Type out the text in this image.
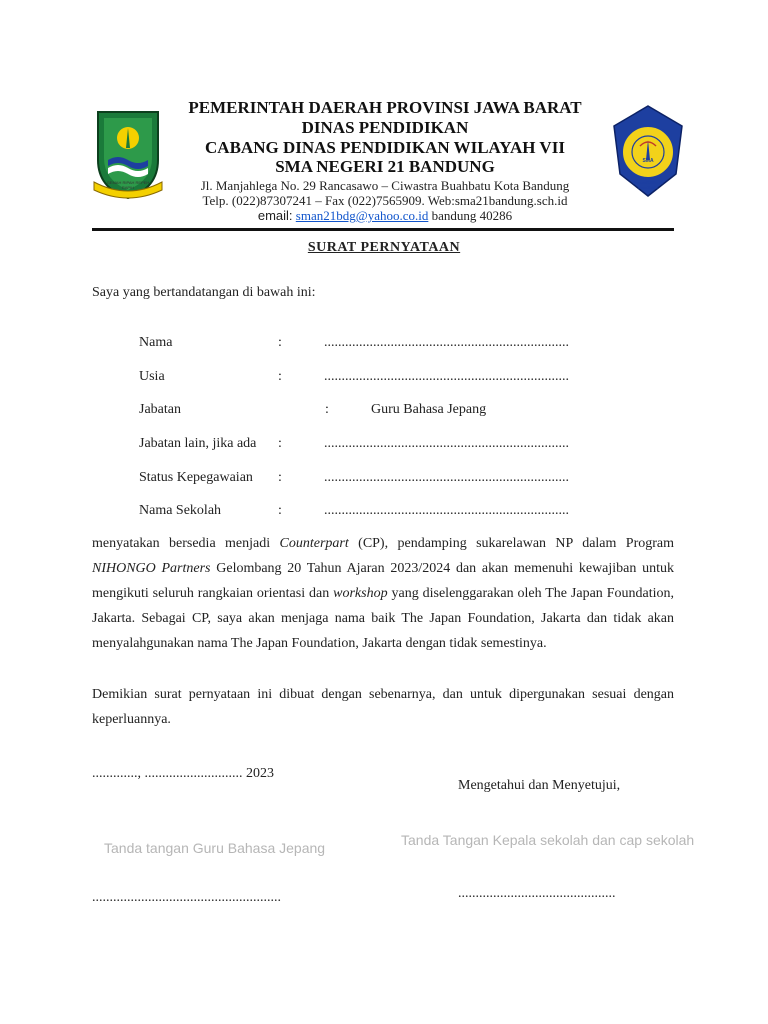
GEMAH RIPAH REPEH RAPIH
SMA
SMA NEGERI 21 BANDUNG
PEMERINTAH DAERAH PROVINSI JAWA BARAT
DINAS PENDIDIKAN
CABANG DINAS PENDIDIKAN WILAYAH VII
SMA NEGERI 21 BANDUNG
Jl. Manjahlega No. 29 Rancasawo – Ciwastra Buahbatu Kota Bandung
Telp. (022)87307241 – Fax (022)7565909. Web:sma21bandung.sch.id
email: sman21bdg@yahoo.co.id bandung 40286
SURAT PERNYATAAN
Saya yang bertandatangan di bawah ini:
Nama	:	......................................................................
Usia	:	......................................................................
Jabatan	:	Guru Bahasa Jepang
Jabatan lain, jika ada :	......................................................................
Status Kepegawaian :	......................................................................
Nama Sekolah	:	......................................................................
menyatakan bersedia menjadi Counterpart (CP), pendamping sukarelawan NP dalam Program NIHONGO Partners Gelombang 20 Tahun Ajaran 2023/2024 dan akan memenuhi kewajiban untuk mengikuti seluruh rangkaian orientasi dan workshop yang diselenggarakan oleh The Japan Foundation, Jakarta. Sebagai CP, saya akan menjaga nama baik The Japan Foundation, Jakarta dan tidak akan menyalahgunakan nama The Japan Foundation, Jakarta dengan tidak semestinya.
Demikian surat pernyataan ini dibuat dengan sebenarnya, dan untuk dipergunakan sesuai dengan keperluannya.
............., ............................ 2023
Mengetahui dan Menyetujui,
Tanda tangan Guru Bahasa Jepang	Tanda Tangan Kepala sekolah dan cap sekolah
......................................................	.............................................
